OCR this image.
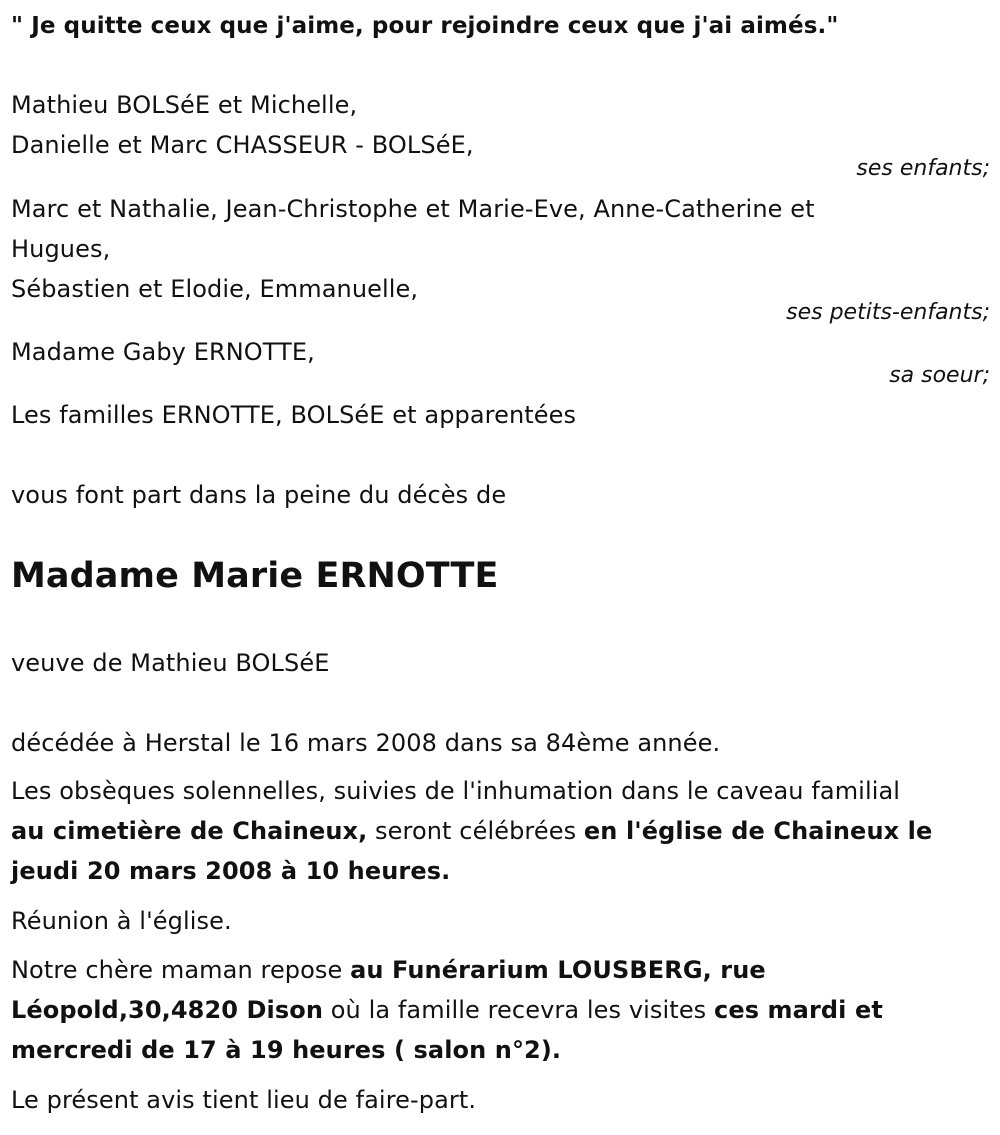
" Je quitte ceux que j'aime, pour rejoindre ceux que j'ai aimés."
Mathieu BOLSéE et Michelle,
Danielle et Marc CHASSEUR - BOLSéE,
ses enfants;
Marc et Nathalie, Jean-Christophe et Marie-Eve, Anne-Catherine et
Hugues,
Sébastien et Elodie, Emmanuelle,
ses petits-enfants;
Madame Gaby ERNOTTE,
sa soeur;
Les familles ERNOTTE, BOLSéE et apparentées
vous font part dans la peine du décès de
Madame Marie ERNOTTE
veuve de Mathieu BOLSéE
décédée à Herstal le 16 mars 2008 dans sa 84ème année.
Les obsèques solennelles, suivies de l'inhumation dans le caveau familial
au cimetière de Chaineux, seront célébrées en l'église de Chaineux le
jeudi 20 mars 2008 à 10 heures.
Réunion à l'église.
Notre chère maman repose au Funérarium LOUSBERG, rue
Léopold,30,4820 Dison où la famille recevra les visites ces mardi et
mercredi de 17 à 19 heures ( salon n°2).
Le présent avis tient lieu de faire-part.
